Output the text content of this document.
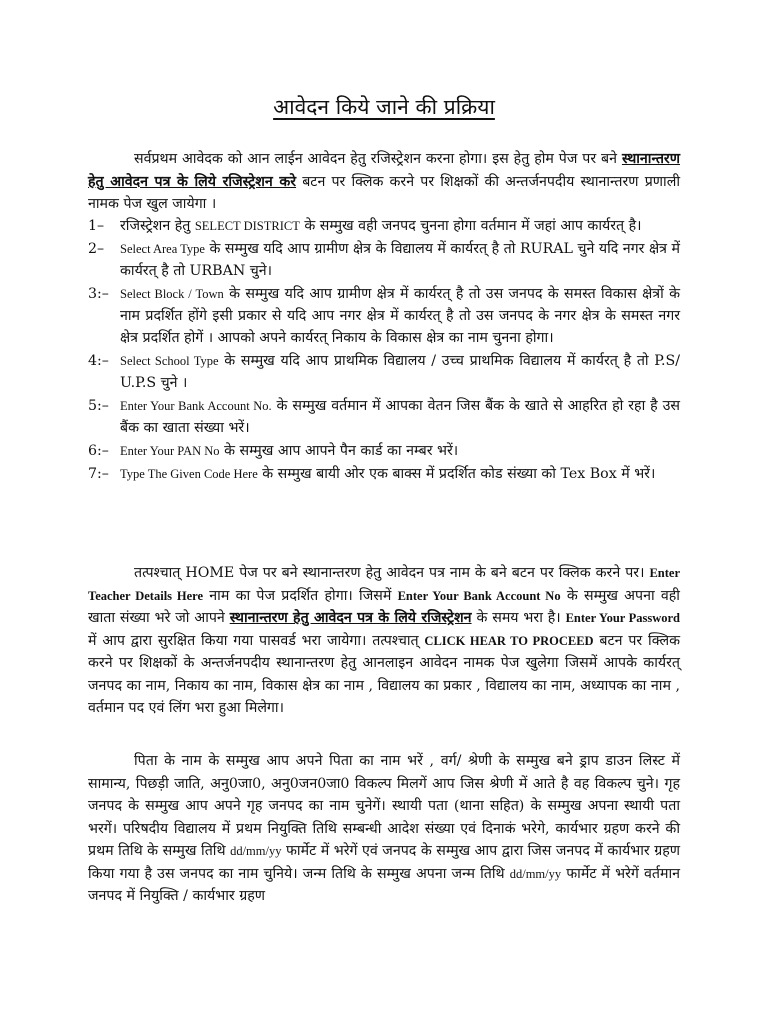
आवेदन किये जाने की प्रक्रिया
सर्वप्रथम आवेदक को आन लाईन आवेदन हेतु रजिस्ट्रेशन करना होगा। इस हेतु होम पेज पर बने स्थानान्तरण हेतु आवेदन पत्र के लिये रजिस्ट्रेशन करे बटन पर क्लिक करने पर शिक्षकों की अन्तर्जनपदीय स्थानान्तरण प्रणाली नामक पेज खुल जायेगा ।
1–	रजिस्ट्रेशन हेतु SELECT DISTRICT के सम्मुख वही जनपद चुनना होगा वर्तमान में जहां आप कार्यरत् है।
2–	Select Area Type के सम्मुख यदि आप ग्रामीण क्षेत्र के विद्यालय में कार्यरत् है तो RURAL चुने यदि नगर क्षेत्र में कार्यरत् है तो URBAN चुने।
3:– Select Block / Town के सम्मुख यदि आप ग्रामीण क्षेत्र में कार्यरत् है तो उस जनपद के समस्त विकास क्षेत्रों के नाम प्रदर्शित होंगे इसी प्रकार से यदि आप नगर क्षेत्र में कार्यरत् है तो उस जनपद के नगर क्षेत्र के समस्त नगर क्षेत्र प्रदर्शित होगें । आपको अपने कार्यरत् निकाय के विकास क्षेत्र का नाम चुनना होगा।
4:– Select School Type के सम्मुख यदि आप प्राथमिक विद्यालय / उच्च प्राथमिक विद्यालय में कार्यरत् है तो P.S/ U.P.S चुने ।
5:– Enter Your Bank Account No. के सम्मुख वर्तमान में आपका वेतन जिस बैंक के खाते से आहरित हो रहा है उस बैंक का खाता संख्या भरें।
6:– Enter Your PAN No के सम्मुख आप आपने पैन कार्ड का नम्बर भरें।
7:– Type The Given Code Here के सम्मुख बायी ओर एक बाक्स में प्रदर्शित कोड संख्या को Tex Box में भरें।
तत्पश्चात् HOME पेज पर बने स्थानान्तरण हेतु आवेदन पत्र नाम के बने बटन पर क्लिक करने पर। Enter Teacher Details Here नाम का पेज प्रदर्शित होगा। जिसमें Enter Your Bank Account No के सम्मुख अपना वही खाता संख्या भरे जो आपने स्थानान्तरण हेतु आवेदन पत्र के लिये रजिस्ट्रेशन के समय भरा है। Enter Your Password में आप द्वारा सुरक्षित किया गया पासवर्ड भरा जायेगा। तत्पश्चात् CLICK HEAR TO PROCEED बटन पर क्लिक करने पर शिक्षकों के अन्तर्जनपदीय स्थानान्तरण हेतु आनलाइन आवेदन नामक पेज खुलेगा जिसमें आपके कार्यरत् जनपद का नाम, निकाय का नाम, विकास क्षेत्र का नाम , विद्यालय का प्रकार , विद्यालय का नाम, अध्यापक का नाम , वर्तमान पद एवं लिंग भरा हुआ मिलेगा।
पिता के नाम के सम्मुख आप अपने पिता का नाम भरें , वर्ग/ श्रेणी के सम्मुख बने ड्राप डाउन लिस्ट में सामान्य, पिछड़ी जाति, अनु0जा0, अनु0जन0जा0 विकल्प मिलगें आप जिस श्रेणी में आते है वह विकल्प चुने। गृह जनपद के सम्मुख आप अपने गृह जनपद का नाम चुनेगें। स्थायी पता (थाना सहित) के सम्मुख अपना स्थायी पता भरगें। परिषदीय विद्यालय में प्रथम नियुक्ति तिथि सम्बन्धी आदेश संख्या एवं दिनाकं भरेगे, कार्यभार ग्रहण करने की प्रथम तिथि के सम्मुख तिथि dd/mm/yy फार्मेट में भरेगें एवं जनपद के सम्मुख आप द्वारा जिस जनपद में कार्यभार ग्रहण किया गया है उस जनपद का नाम चुनिये। जन्म तिथि के सम्मुख अपना जन्म तिथि dd/mm/yy फार्मेट में भरेगें वर्तमान जनपद में नियुक्ति / कार्यभार ग्रहण
